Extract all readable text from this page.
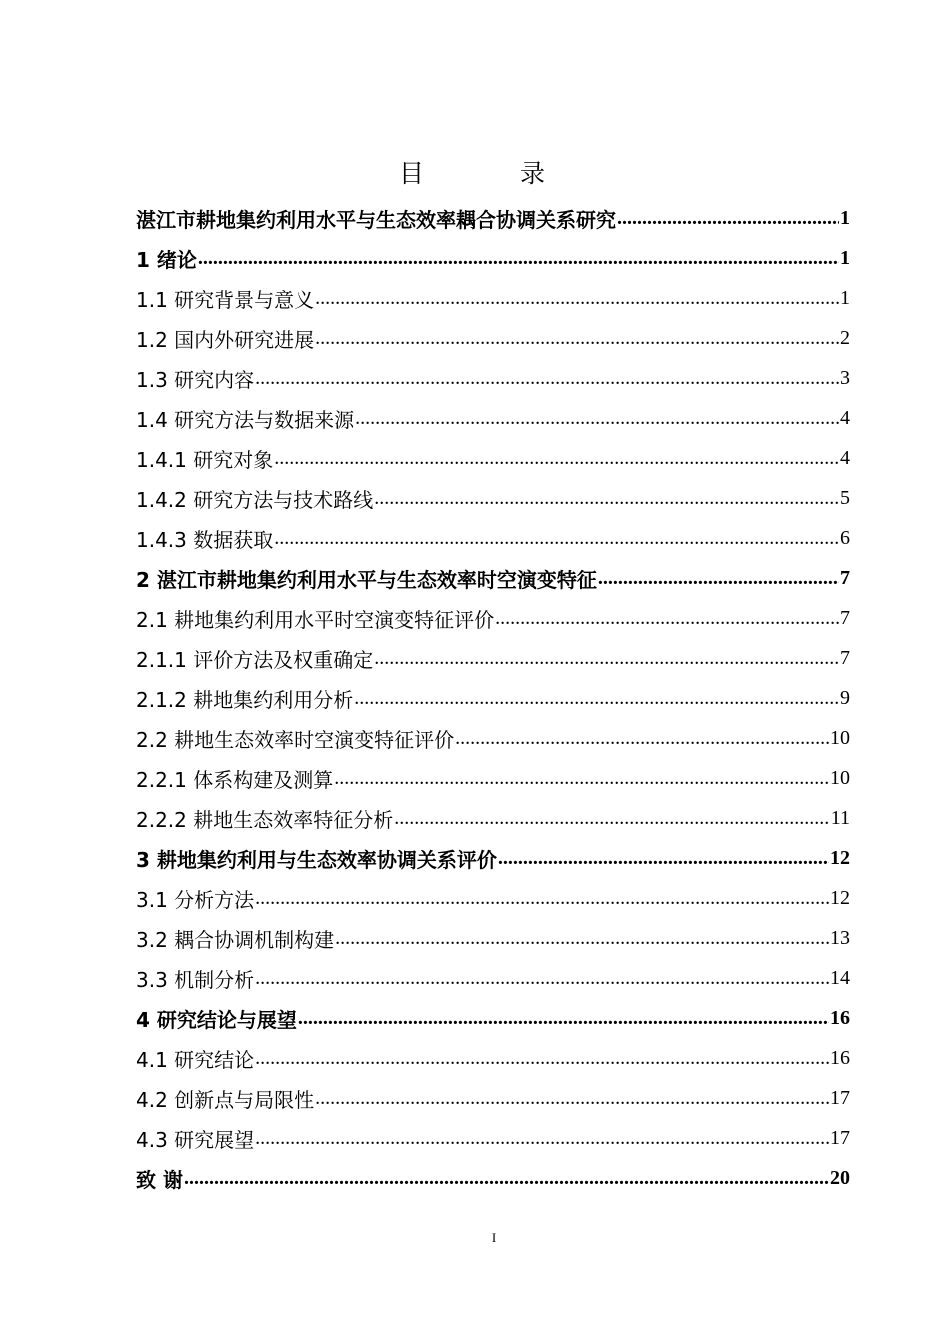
目 录
湛江市耕地集约利用水平与生态效率耦合协调关系研究 .....	1
1 绪论 .....	1
1.1 研究背景与意义 .....	1
1.2 国内外研究进展 .....	2
1.3 研究内容 .....	3
1.4 研究方法与数据来源 .....	4
1.4.1 研究对象 .....	4
1.4.2 研究方法与技术路线 .....	5
1.4.3 数据获取 .....	6
2 湛江市耕地集约利用水平与生态效率时空演变特征 .....	7
2.1 耕地集约利用水平时空演变特征评价 .....	7
2.1.1 评价方法及权重确定 .....	7
2.1.2 耕地集约利用分析 .....	9
2.2 耕地生态效率时空演变特征评价 .....	10
2.2.1 体系构建及测算 .....	10
2.2.2 耕地生态效率特征分析 .....	11
3 耕地集约利用与生态效率协调关系评价 .....	12
3.1 分析方法 .....	12
3.2 耦合协调机制构建 .....	13
3.3 机制分析 .....	14
4 研究结论与展望 .....	16
4.1 研究结论 .....	16
4.2 创新点与局限性 .....	17
4.3 研究展望 .....	17
致 谢 .....	20
I
